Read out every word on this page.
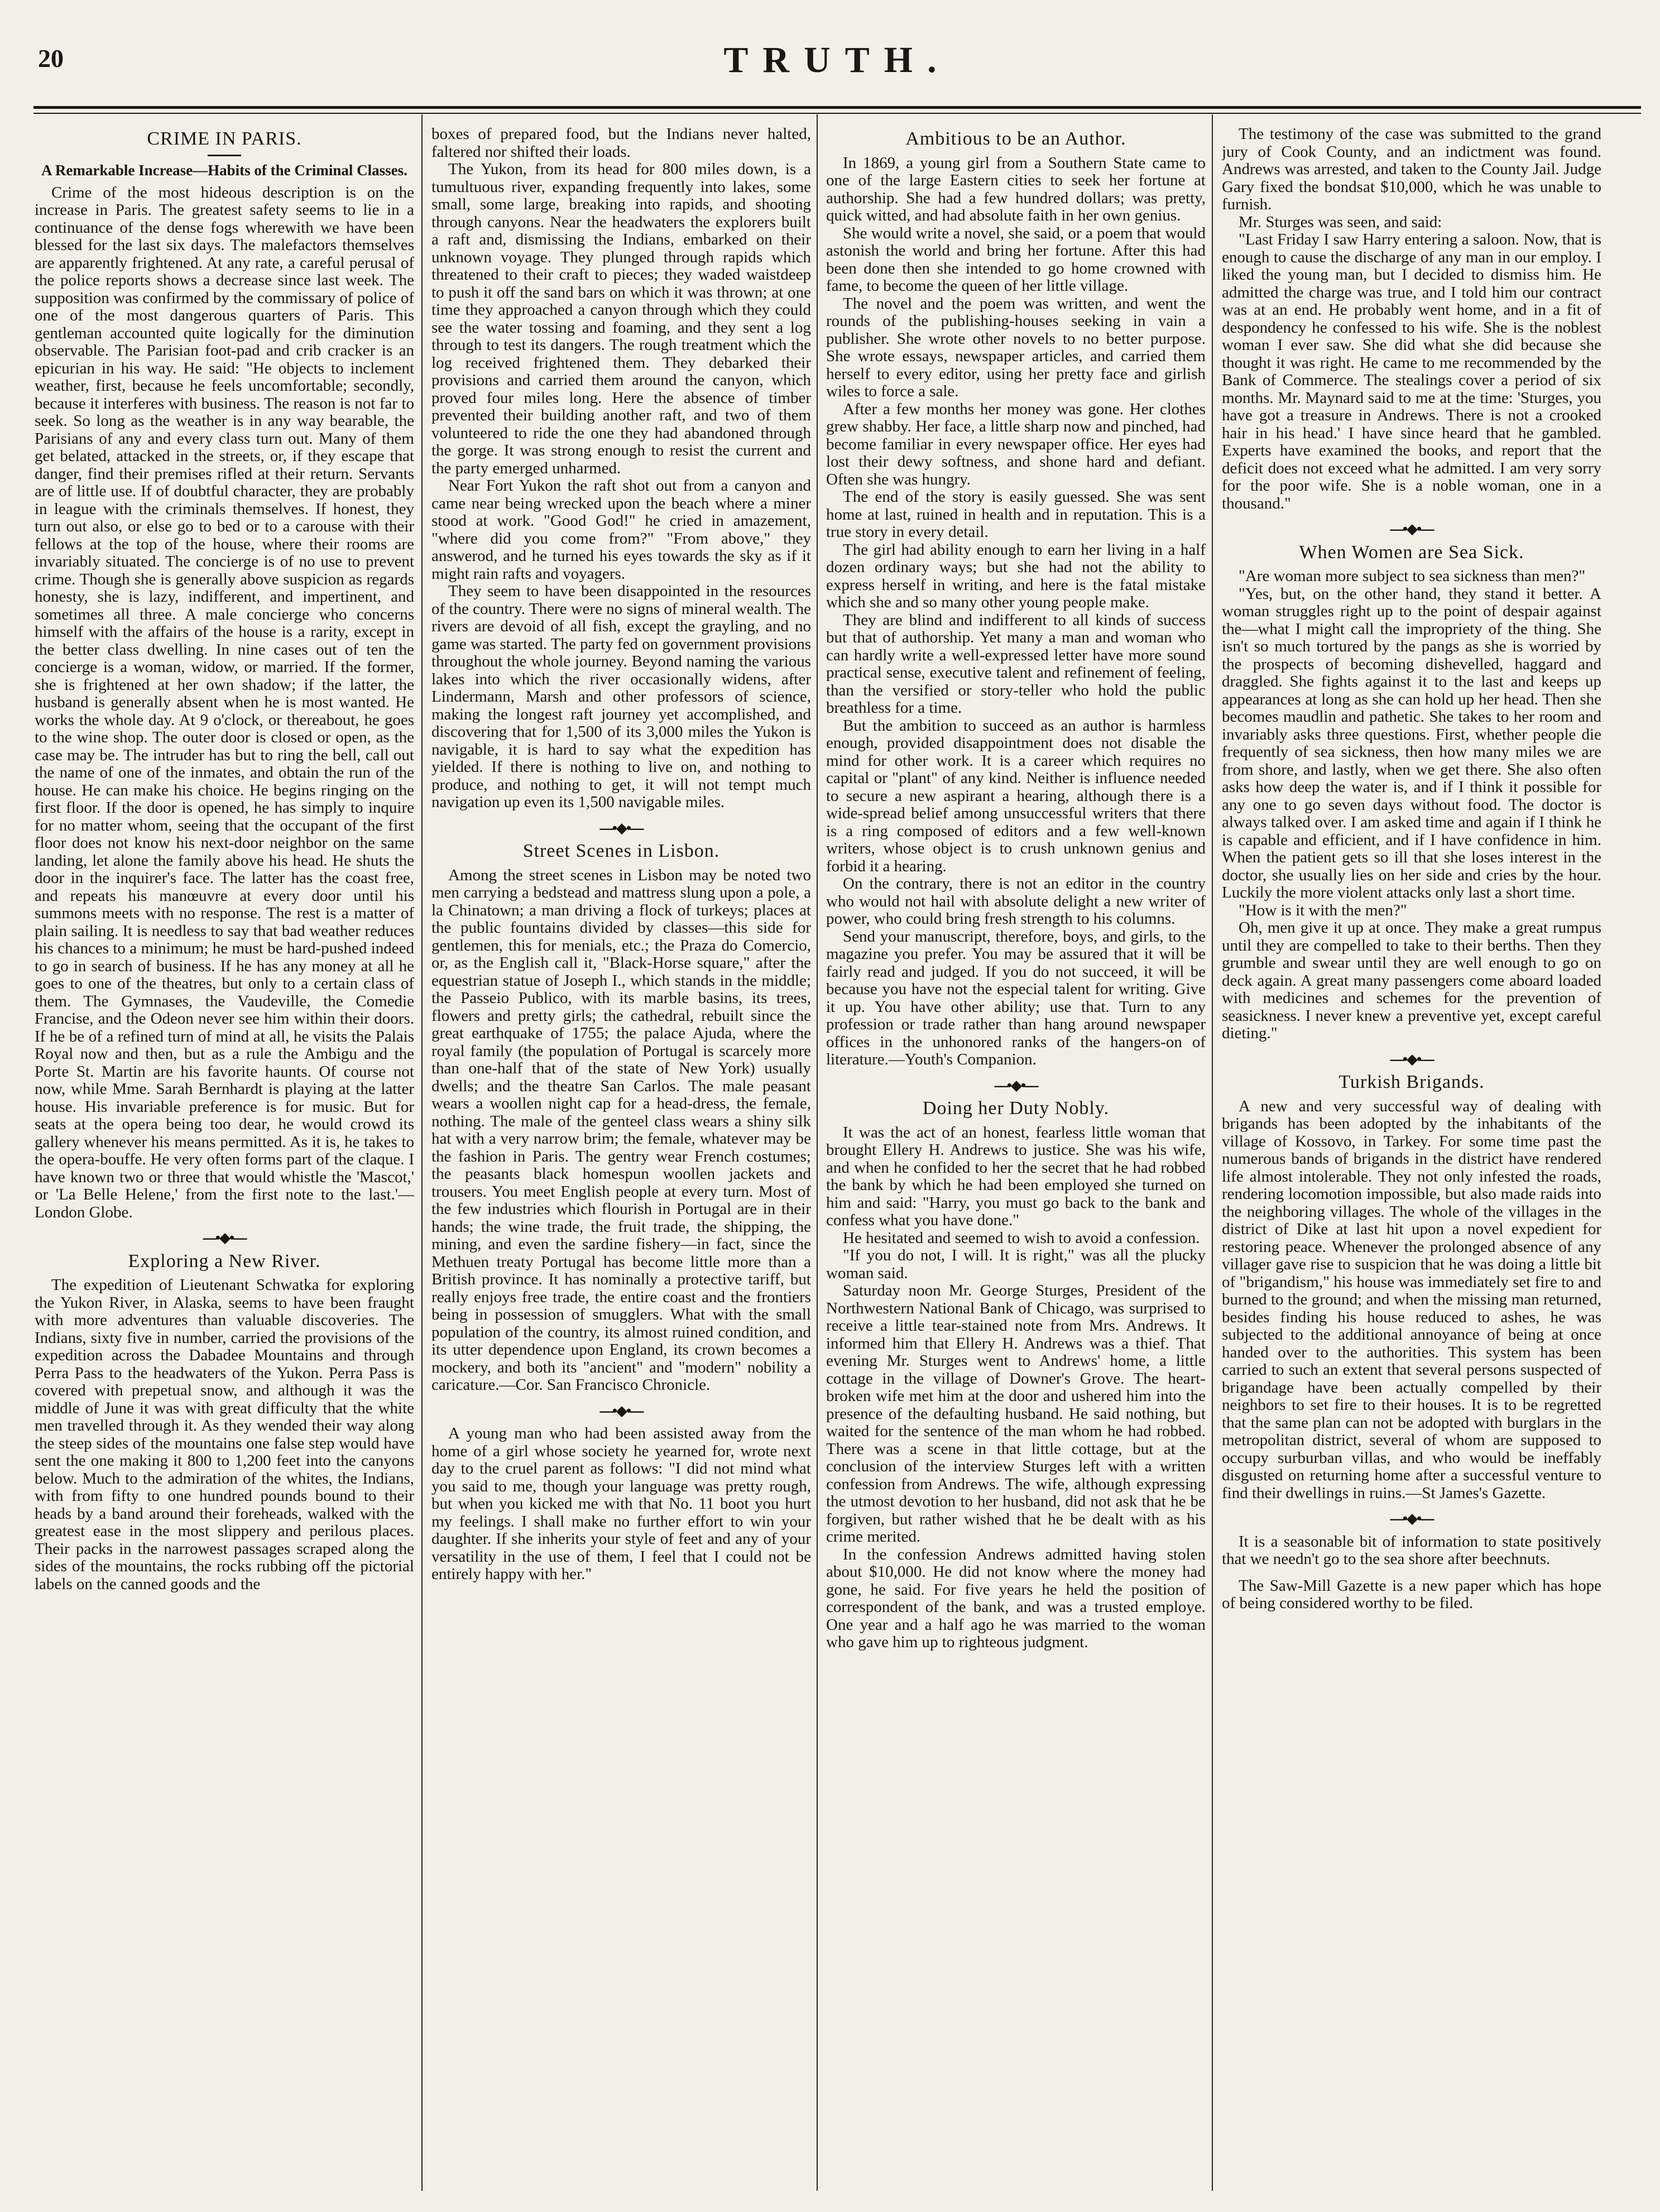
20	TRUTH.
CRIME IN PARIS.
A Remarkable Increase—Habits of the Criminal Classes.

Crime of the most hideous description is on the increase in Paris. The greatest safety seems to lie in a continuance of the dense fogs wherewith we have been blessed for the last six days. The malefactors themselves are apparently frightened. At any rate, a careful perusal of the police reports shows a decrease since last week. The supposition was confirmed by the commissary of police of one of the most dangerous quarters of Paris. This gentleman accounted quite logically for the diminution observable. The Parisian foot-pad and crib cracker is an epicurian in his way. He said: "He objects to inclement weather, first, because he feels uncomfortable; secondly, because it interferes with business. The reason is not far to seek. So long as the weather is in any way bearable, the Parisians of any and every class turn out. Many of them get belated, attacked in the streets, or, if they escape that danger, find their premises rifled at their return. Servants are of little use. If of doubtful character, they are probably in league with the criminals themselves. If honest, they turn out also, or else go to bed or to a carouse with their fellows at the top of the house, where their rooms are invariably situated. The concierge is of no use to prevent crime. Though she is generally above suspicion as regards honesty, she is lazy, indifferent, and impertinent, and sometimes all three. A male concierge who concerns himself with the affairs of the house is a rarity, except in the better class dwelling. In nine cases out of ten the concierge is a woman, widow, or married. If the former, she is frightened at her own shadow; if the latter, the husband is generally absent when he is most wanted. He works the whole day. At 9 o'clock, or thereabout, he goes to the wine shop. The outer door is closed or open, as the case may be. The intruder has but to ring the bell, call out the name of one of the inmates, and obtain the run of the house. He can make his choice. He begins ringing on the first floor. If the door is opened, he has simply to inquire for no matter whom, seeing that the occupant of the first floor does not know his next-door neighbor on the same landing, let alone the family above his head. He shuts the door in the inquirer's face. The latter has the coast free, and repeats his manœuvre at every door until his summons meets with no response. The rest is a matter of plain sailing. It is needless to say that bad weather reduces his chances to a minimum; he must be hard-pushed indeed to go in search of business. If he has any money at all he goes to one of the theatres, but only to a certain class of them. The Gymnases, the Vaudeville, the Comedie Francise, and the Odeon never see him within their doors. If he be of a refined turn of mind at all, he visits the Palais Royal now and then, but as a rule the Ambigu and the Porte St. Martin are his favorite haunts. Of course not now, while Mme. Sarah Bernhardt is playing at the latter house. His invariable preference is for music. But for seats at the opera being too dear, he would crowd its gallery whenever his means permitted. As it is, he takes to the opera-bouffe. He very often forms part of the claque. I have known two or three that would whistle the 'Mascot,' or 'La Belle Helene,' from the first note to the last.'—London Globe.

⎯⎯•◆•⎯⎯
Exploring a New River.

The expedition of Lieutenant Schwatka for exploring the Yukon River, in Alaska, seems to have been fraught with more adventures than valuable discoveries. The Indians, sixty five in number, carried the provisions of the expedition across the Dabadee Mountains and through Perra Pass to the headwaters of the Yukon. Perra Pass is covered with prepetual snow, and although it was the middle of June it was with great difficulty that the white men travelled through it. As they wended their way along the steep sides of the mountains one false step would have sent the one making it 800 to 1,200 feet into the canyons below. Much to the admiration of the whites, the Indians, with from fifty to one hundred pounds bound to their heads by a band around their foreheads, walked with the greatest ease in the most slippery and perilous places. Their packs in the narrowest passages scraped along the sides of the mountains, the rocks rubbing off the pictorial labels on the canned goods and the

boxes of prepared food, but the Indians never halted, faltered nor shifted their loads.

The Yukon, from its head for 800 miles down, is a tumultuous river, expanding frequently into lakes, some small, some large, breaking into rapids, and shooting through canyons. Near the headwaters the explorers built a raft and, dismissing the Indians, embarked on their unknown voyage. They plunged through rapids which threatened to their craft to pieces; they waded waistdeep to push it off the sand bars on which it was thrown; at one time they approached a canyon through which they could see the water tossing and foaming, and they sent a log through to test its dangers. The rough treatment which the log received frightened them. They debarked their provisions and carried them around the canyon, which proved four miles long. Here the absence of timber prevented their building another raft, and two of them volunteered to ride the one they had abandoned through the gorge. It was strong enough to resist the current and the party emerged unharmed.

Near Fort Yukon the raft shot out from a canyon and came near being wrecked upon the beach where a miner stood at work. "Good God!" he cried in amazement, "where did you come from?" "From above," they answerod, and he turned his eyes towards the sky as if it might rain rafts and voyagers.

They seem to have been disappointed in the resources of the country. There were no signs of mineral wealth. The rivers are devoid of all fish, except the grayling, and no game was started. The party fed on government provisions throughout the whole journey. Beyond naming the various lakes into which the river occasionally widens, after Lindermann, Marsh and other professors of science, making the longest raft journey yet accomplished, and discovering that for 1,500 of its 3,000 miles the Yukon is navigable, it is hard to say what the expedition has yielded. If there is nothing to live on, and nothing to produce, and nothing to get, it will not tempt much navigation up even its 1,500 navigable miles.

⎯⎯•◆•⎯⎯
Street Scenes in Lisbon.

Among the street scenes in Lisbon may be noted two men carrying a bedstead and mattress slung upon a pole, a la Chinatown; a man driving a flock of turkeys; places at the public fountains divided by classes—this side for gentlemen, this for menials, etc.; the Praza do Comercio, or, as the English call it, "Black-Horse square," after the equestrian statue of Joseph I., which stands in the middle; the Passeio Publico, with its marble basins, its trees, flowers and pretty girls; the cathedral, rebuilt since the great earthquake of 1755; the palace Ajuda, where the royal family (the population of Portugal is scarcely more than one-half that of the state of New York) usually dwells; and the theatre San Carlos. The male peasant wears a woollen night cap for a head-dress, the female, nothing. The male of the genteel class wears a shiny silk hat with a very narrow brim; the female, whatever may be the fashion in Paris. The gentry wear French costumes; the peasants black homespun woollen jackets and trousers. You meet English people at every turn. Most of the few industries which flourish in Portugal are in their hands; the wine trade, the fruit trade, the shipping, the mining, and even the sardine fishery—in fact, since the Methuen treaty Portugal has become little more than a British province. It has nominally a protective tariff, but really enjoys free trade, the entire coast and the frontiers being in possession of smugglers. What with the small population of the country, its almost ruined condition, and its utter dependence upon England, its crown becomes a mockery, and both its "ancient" and "modern" nobility a caricature.—Cor. San Francisco Chronicle.

⎯⎯•◆•⎯⎯

A young man who had been assisted away from the home of a girl whose society he yearned for, wrote next day to the cruel parent as follows: "I did not mind what you said to me, though your language was pretty rough, but when you kicked me with that No. 11 boot you hurt my feelings. I shall make no further effort to win your daughter. If she inherits your style of feet and any of your versatility in the use of them, I feel that I could not be entirely happy with her."

Ambitious to be an Author.

In 1869, a young girl from a Southern State came to one of the large Eastern cities to seek her fortune at authorship. She had a few hundred dollars; was pretty, quick witted, and had absolute faith in her own genius.

She would write a novel, she said, or a poem that would astonish the world and bring her fortune. After this had been done then she intended to go home crowned with fame, to become the queen of her little village.

The novel and the poem was written, and went the rounds of the publishing-houses seeking in vain a publisher. She wrote other novels to no better purpose. She wrote essays, newspaper articles, and carried them herself to every editor, using her pretty face and girlish wiles to force a sale.

After a few months her money was gone. Her clothes grew shabby. Her face, a little sharp now and pinched, had become familiar in every newspaper office. Her eyes had lost their dewy softness, and shone hard and defiant. Often she was hungry.

The end of the story is easily guessed. She was sent home at last, ruined in health and in reputation. This is a true story in every detail.

The girl had ability enough to earn her living in a half dozen ordinary ways; but she had not the ability to express herself in writing, and here is the fatal mistake which she and so many other young people make.

They are blind and indifferent to all kinds of success but that of authorship. Yet many a man and woman who can hardly write a well-expressed letter have more sound practical sense, executive talent and refinement of feeling, than the versified or story-teller who hold the public breathless for a time.

But the ambition to succeed as an author is harmless enough, provided disappointment does not disable the mind for other work. It is a career which requires no capital or "plant" of any kind. Neither is influence needed to secure a new aspirant a hearing, although there is a wide-spread belief among unsuccessful writers that there is a ring composed of editors and a few well-known writers, whose object is to crush unknown genius and forbid it a hearing.

On the contrary, there is not an editor in the country who would not hail with absolute delight a new writer of power, who could bring fresh strength to his columns.

Send your manuscript, therefore, boys, and girls, to the magazine you prefer. You may be assured that it will be fairly read and judged. If you do not succeed, it will be because you have not the especial talent for writing. Give it up. You have other ability; use that. Turn to any profession or trade rather than hang around newspaper offices in the unhonored ranks of the hangers-on of literature.—Youth's Companion.

⎯⎯•◆•⎯⎯
Doing her Duty Nobly.

It was the act of an honest, fearless little woman that brought Ellery H. Andrews to justice. She was his wife, and when he confided to her the secret that he had robbed the bank by which he had been employed she turned on him and said: "Harry, you must go back to the bank and confess what you have done."

He hesitated and seemed to wish to avoid a confession.

"If you do not, I will. It is right," was all the plucky woman said.

Saturday noon Mr. George Sturges, President of the Northwestern National Bank of Chicago, was surprised to receive a little tear-stained note from Mrs. Andrews. It informed him that Ellery H. Andrews was a thief. That evening Mr. Sturges went to Andrews' home, a little cottage in the village of Downer's Grove. The heart-broken wife met him at the door and ushered him into the presence of the defaulting husband. He said nothing, but waited for the sentence of the man whom he had robbed. There was a scene in that little cottage, but at the conclusion of the interview Sturges left with a written confession from Andrews. The wife, although expressing the utmost devotion to her husband, did not ask that he be forgiven, but rather wished that he be dealt with as his crime merited.

In the confession Andrews admitted having stolen about $10,000. He did not know where the money had gone, he said. For five years he held the position of correspondent of the bank, and was a trusted employe. One year and a half ago he was married to the woman who gave him up to righteous judgment.

The testimony of the case was submitted to the grand jury of Cook County, and an indictment was found. Andrews was arrested, and taken to the County Jail. Judge Gary fixed the bondsat $10,000, which he was unable to furnish.

Mr. Sturges was seen, and said:

"Last Friday I saw Harry entering a saloon. Now, that is enough to cause the discharge of any man in our employ. I liked the young man, but I decided to dismiss him. He admitted the charge was true, and I told him our contract was at an end. He probably went home, and in a fit of despondency he confessed to his wife. She is the noblest woman I ever saw. She did what she did because she thought it was right. He came to me recommended by the Bank of Commerce. The stealings cover a period of six months. Mr. Maynard said to me at the time: 'Sturges, you have got a treasure in Andrews. There is not a crooked hair in his head.' I have since heard that he gambled. Experts have examined the books, and report that the deficit does not exceed what he admitted. I am very sorry for the poor wife. She is a noble woman, one in a thousand."

⎯⎯•◆•⎯⎯
When Women are Sea Sick.

"Are woman more subject to sea sickness than men?"

"Yes, but, on the other hand, they stand it better. A woman struggles right up to the point of despair against the—what I might call the impropriety of the thing. She isn't so much tortured by the pangs as she is worried by the prospects of becoming dishevelled, haggard and draggled. She fights against it to the last and keeps up appearances at long as she can hold up her head. Then she becomes maudlin and pathetic. She takes to her room and invariably asks three questions. First, whether people die frequently of sea sickness, then how many miles we are from shore, and lastly, when we get there. She also often asks how deep the water is, and if I think it possible for any one to go seven days without food. The doctor is always talked over. I am asked time and again if I think he is capable and efficient, and if I have confidence in him. When the patient gets so ill that she loses interest in the doctor, she usually lies on her side and cries by the hour. Luckily the more violent attacks only last a short time.

"How is it with the men?"

Oh, men give it up at once. They make a great rumpus until they are compelled to take to their berths. Then they grumble and swear until they are well enough to go on deck again. A great many passengers come aboard loaded with medicines and schemes for the prevention of seasickness. I never knew a preventive yet, except careful dieting."

⎯⎯•◆•⎯⎯
Turkish Brigands.

A new and very successful way of dealing with brigands has been adopted by the inhabitants of the village of Kossovo, in Tarkey. For some time past the numerous bands of brigands in the district have rendered life almost intolerable. They not only infested the roads, rendering locomotion impossible, but also made raids into the neighboring villages. The whole of the villages in the district of Dike at last hit upon a novel expedient for restoring peace. Whenever the prolonged absence of any villager gave rise to suspicion that he was doing a little bit of "brigandism," his house was immediately set fire to and burned to the ground; and when the missing man returned, besides finding his house reduced to ashes, he was subjected to the additional annoyance of being at once handed over to the authorities. This system has been carried to such an extent that several persons suspected of brigandage have been actually compelled by their neighbors to set fire to their houses. It is to be regretted that the same plan can not be adopted with burglars in the metropolitan district, several of whom are supposed to occupy surburban villas, and who would be ineffably disgusted on returning home after a successful venture to find their dwellings in ruins.—St James's Gazette.

⎯⎯•◆•⎯⎯

It is a seasonable bit of information to state positively that we needn't go to the sea shore after beechnuts.

The Saw-Mill Gazette is a new paper which has hope of being considered worthy to be filed.
